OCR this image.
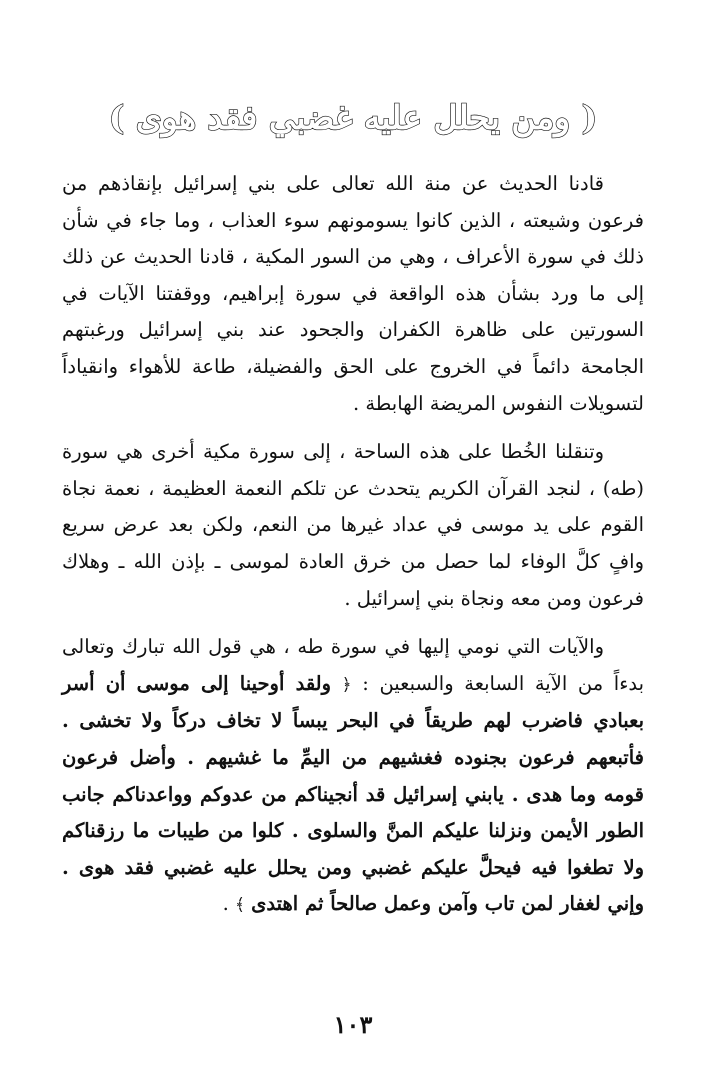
( ومن يحلل عليه غضبي فقد هوى )

قادنا الحديث عن منة الله تعالى على بني إسرائيل بإنقاذهم من فرعون وشيعته ، الذين كانوا يسومونهم سوء العذاب ، وما جاء في شأن ذلك في سورة الأعراف ، وهي من السور المكية ، قادنا الحديث عن ذلك إلى ما ورد بشأن هذه الواقعة في سورة إبراهيم، ووقفتنا الآيات في السورتين على ظاهرة الكفران والجحود عند بني إسرائيل ورغبتهم الجامحة دائماً في الخروج على الحق والفضيلة، طاعة للأهواء وانقياداً لتسويلات النفوس المريضة الهابطة .

وتنقلنا الخُطا على هذه الساحة ، إلى سورة مكية أخرى هي سورة (طه) ، لنجد القرآن الكريم يتحدث عن تلكم النعمة العظيمة ، نعمة نجاة القوم على يد موسى في عداد غيرها من النعم، ولكن بعد عرض سريع وافٍ كلَّ الوفاء لما حصل من خرق العادة لموسى ـ بإذن الله ـ وهلاك فرعون ومن معه ونجاة بني إسرائيل .

والآيات التي نومي إليها في سورة طه ، هي قول الله تبارك وتعالى بدءاً من الآية السابعة والسبعين : ﴿ ولقد أوحينا إلى موسى أن أسر بعبادي فاضرب لهم طريقاً في البحر يبساً لا تخاف دركاً ولا تخشى . فأتبعهم فرعون بجنوده فغشيهم من اليمِّ ما غشيهم . وأضل فرعون قومه وما هدى . يابني إسرائيل قد أنجيناكم من عدوكم وواعدناكم جانب الطور الأيمن ونزلنا عليكم المنَّ والسلوى . كلوا من طيبات ما رزقناكم ولا تطغوا فيه فيحلَّ عليكم غضبي ومن يحلل عليه غضبي فقد هوى . وإني لغفار لمن تاب وآمن وعمل صالحاً ثم اهتدى ﴾ .

١٠٣
